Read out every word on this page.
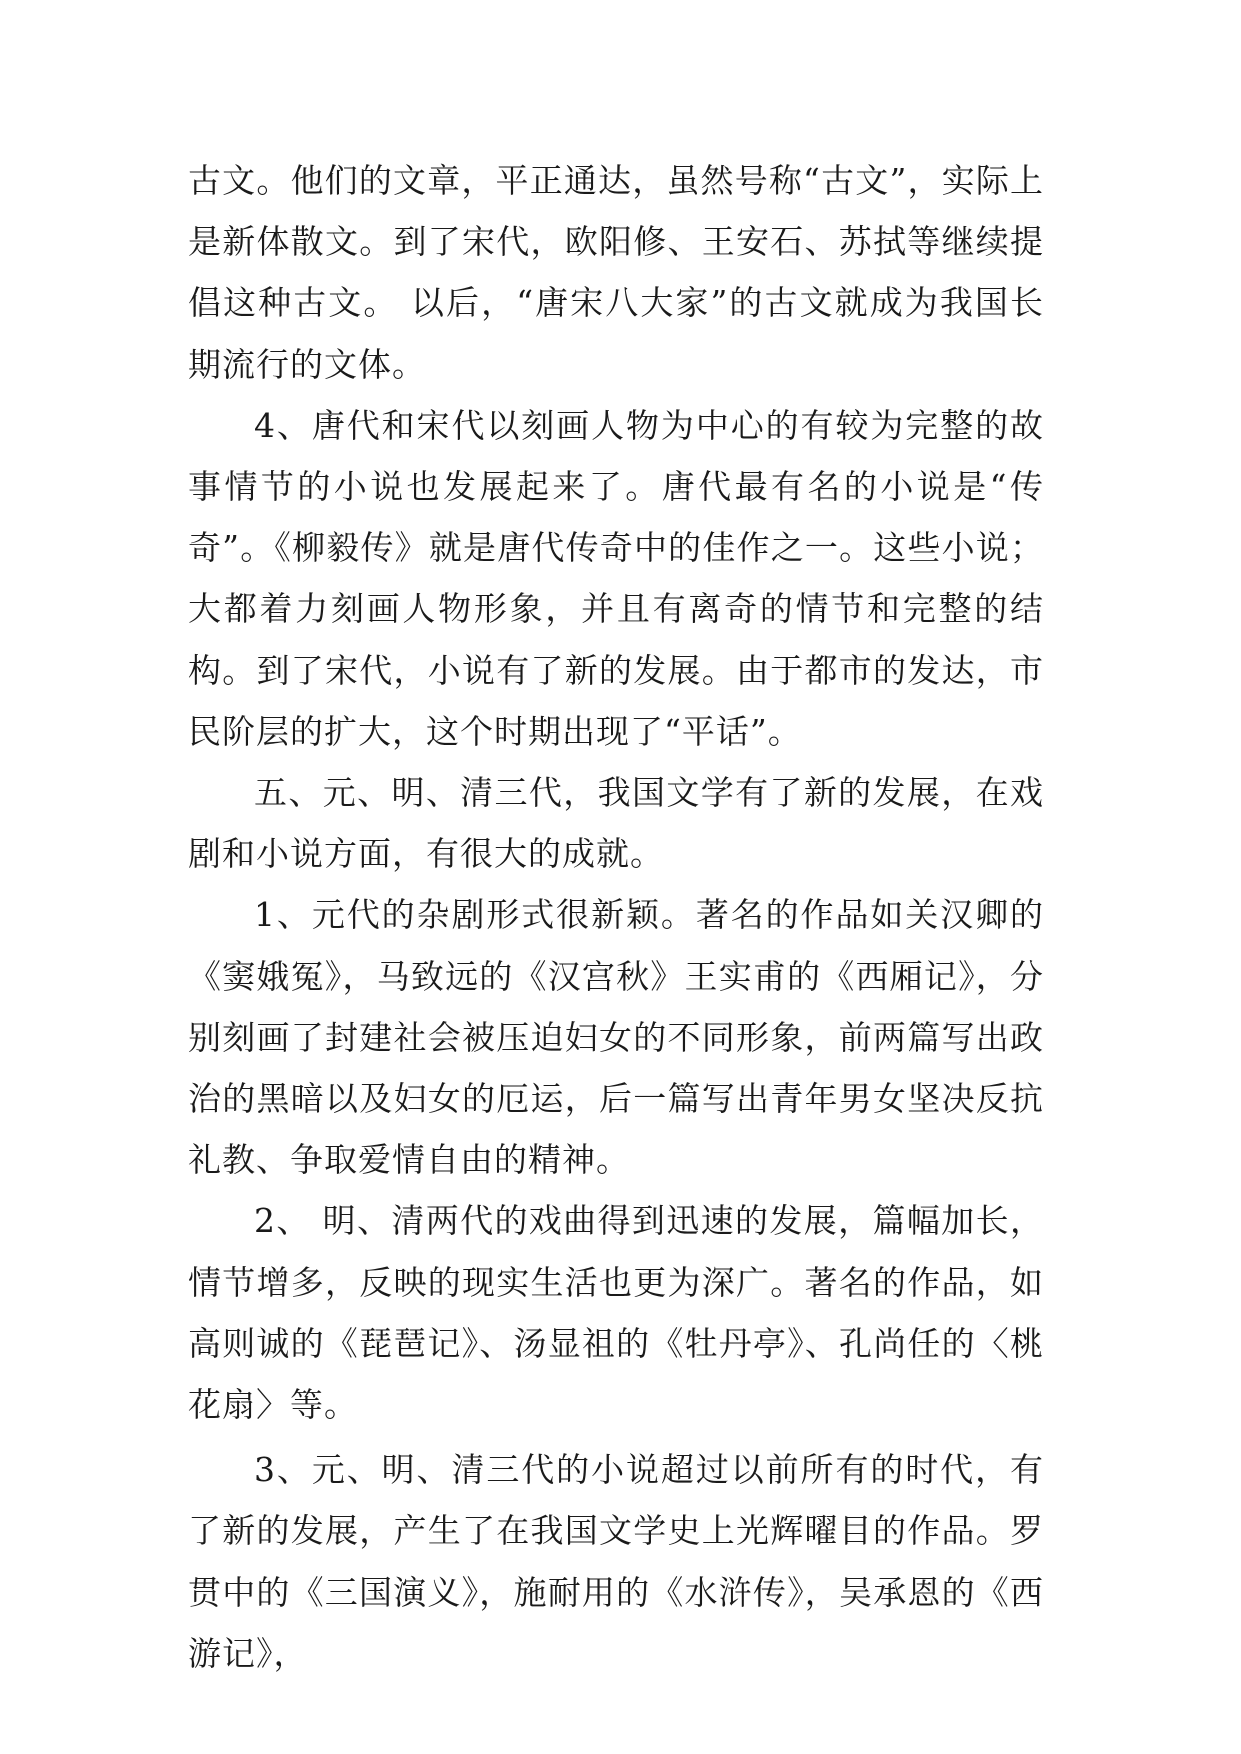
古文。他们的文章，平正通达，虽然号称“古文”，实际上是新体散文。到了宋代，欧阳修、王安石、苏拭等继续提倡这种古文。 以后，“唐宋八大家”的古文就成为我国长期流行的文体。

4、唐代和宋代以刻画人物为中心的有较为完整的故事情节的小说也发展起来了。唐代最有名的小说是“传奇”。《柳毅传》就是唐代传奇中的佳作之一。这些小说；大都着力刻画人物形象，并且有离奇的情节和完整的结构。到了宋代，小说有了新的发展。由于都市的发达，市民阶层的扩大，这个时期出现了“平话”。

五、元、明、清三代，我国文学有了新的发展，在戏剧和小说方面，有很大的成就。

1、元代的杂剧形式很新颖。著名的作品如关汉卿的《窦娥冤》，马致远的《汉宫秋》王实甫的《西厢记》，分别刻画了封建社会被压迫妇女的不同形象，前两篇写出政治的黑暗以及妇女的厄运，后一篇写出青年男女坚决反抗礼教、争取爱情自由的精神。

2、 明、清两代的戏曲得到迅速的发展，篇幅加长，情节增多，反映的现实生活也更为深广。著名的作品，如高则诚的《琵琶记》、汤显祖的《牡丹亭》、孔尚任的〈桃花扇〉等。

3、元、明、清三代的小说超过以前所有的时代，有了新的发展，产生了在我国文学史上光辉曜目的作品。罗贯中的《三国演义》，施耐用的《水浒传》，吴承恩的《西游记》，
